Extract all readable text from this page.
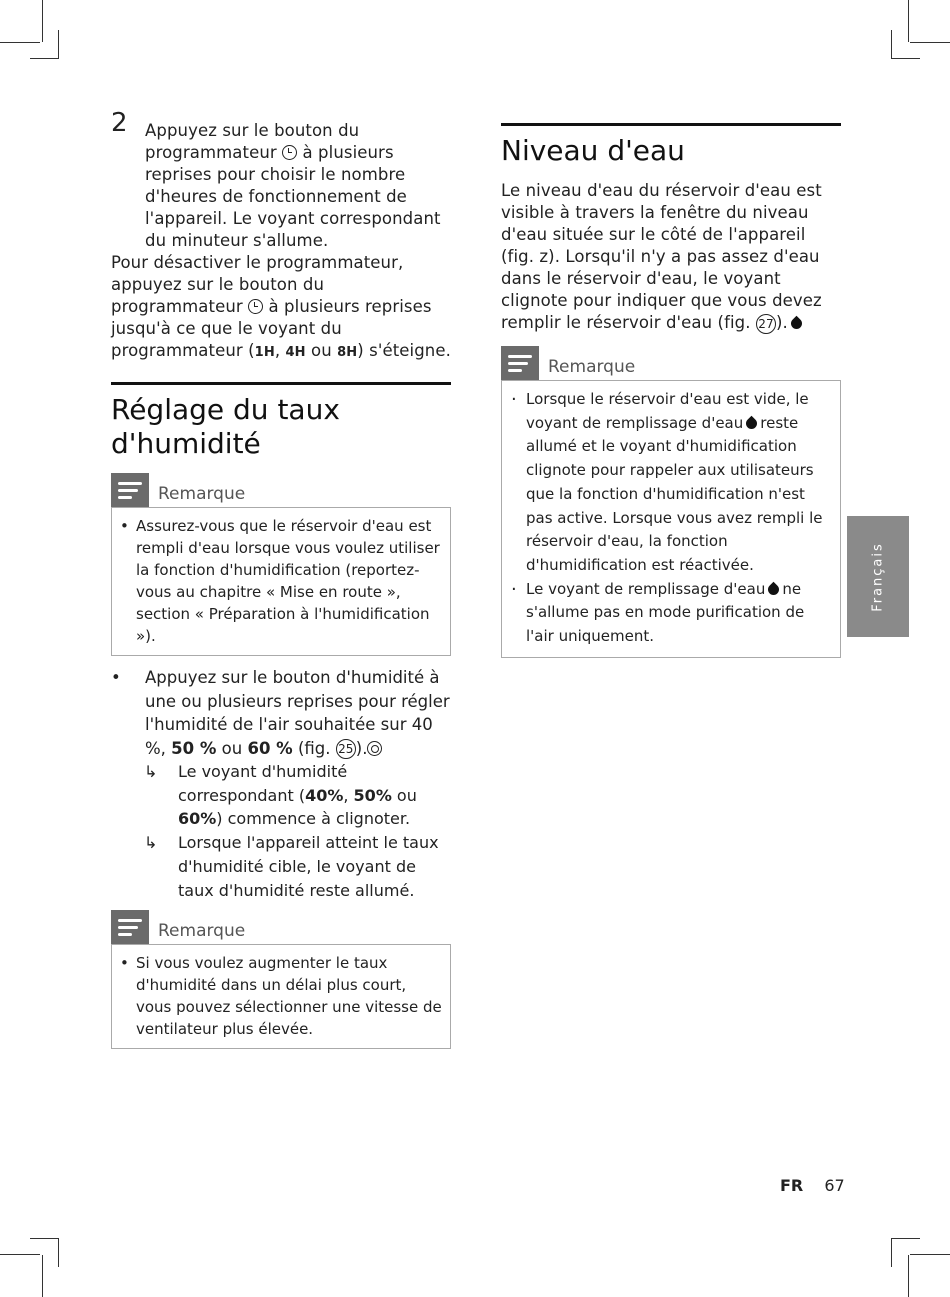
2 Appuyez sur le bouton du programmateur à plusieurs reprises pour choisir le nombre d'heures de fonctionnement de l'appareil. Le voyant correspondant du minuteur s'allume.

Pour désactiver le programmateur, appuyez sur le bouton du programmateur à plusieurs reprises jusqu'à ce que le voyant du programmateur (1H, 4H ou 8H) s'éteigne.

Réglage du taux d'humidité
Remarque

• Assurez-vous que le réservoir d'eau est rempli d'eau lorsque vous voulez utiliser la fonction d'humidification (reportez-vous au chapitre « Mise en route », section « Préparation à l'humidification »).

• Appuyez sur le bouton d'humidité à une ou plusieurs reprises pour régler l'humidité de l'air souhaitée sur 40 %, 50 % ou 60 % (fig. 25 ).

↳ Le voyant d'humidité correspondant (40%, 50% ou 60%) commence à clignoter.

↳ Lorsque l'appareil atteint le taux d'humidité cible, le voyant de taux d'humidité reste allumé.

Remarque

• Si vous voulez augmenter le taux d'humidité dans un délai plus court, vous pouvez sélectionner une vitesse de ventilateur plus élevée.

Niveau d'eau

Le niveau d'eau du réservoir d'eau est visible à travers la fenêtre du niveau d'eau située sur le côté de l'appareil (fig. z). Lorsqu'il n'y a pas assez d'eau dans le réservoir d'eau, le voyant clignote pour indiquer que vous devez remplir le réservoir d'eau (fig. 27 ).

Remarque

· Lorsque le réservoir d'eau est vide, le voyant de remplissage d'eau reste allumé et le voyant d'humidification clignote pour rappeler aux utilisateurs que la fonction d'humidification n'est pas active. Lorsque vous avez rempli le réservoir d'eau, la fonction d'humidification est réactivée.

· Le voyant de remplissage d'eau ne s'allume pas en mode purification de l'air uniquement.

Français
FR 67
